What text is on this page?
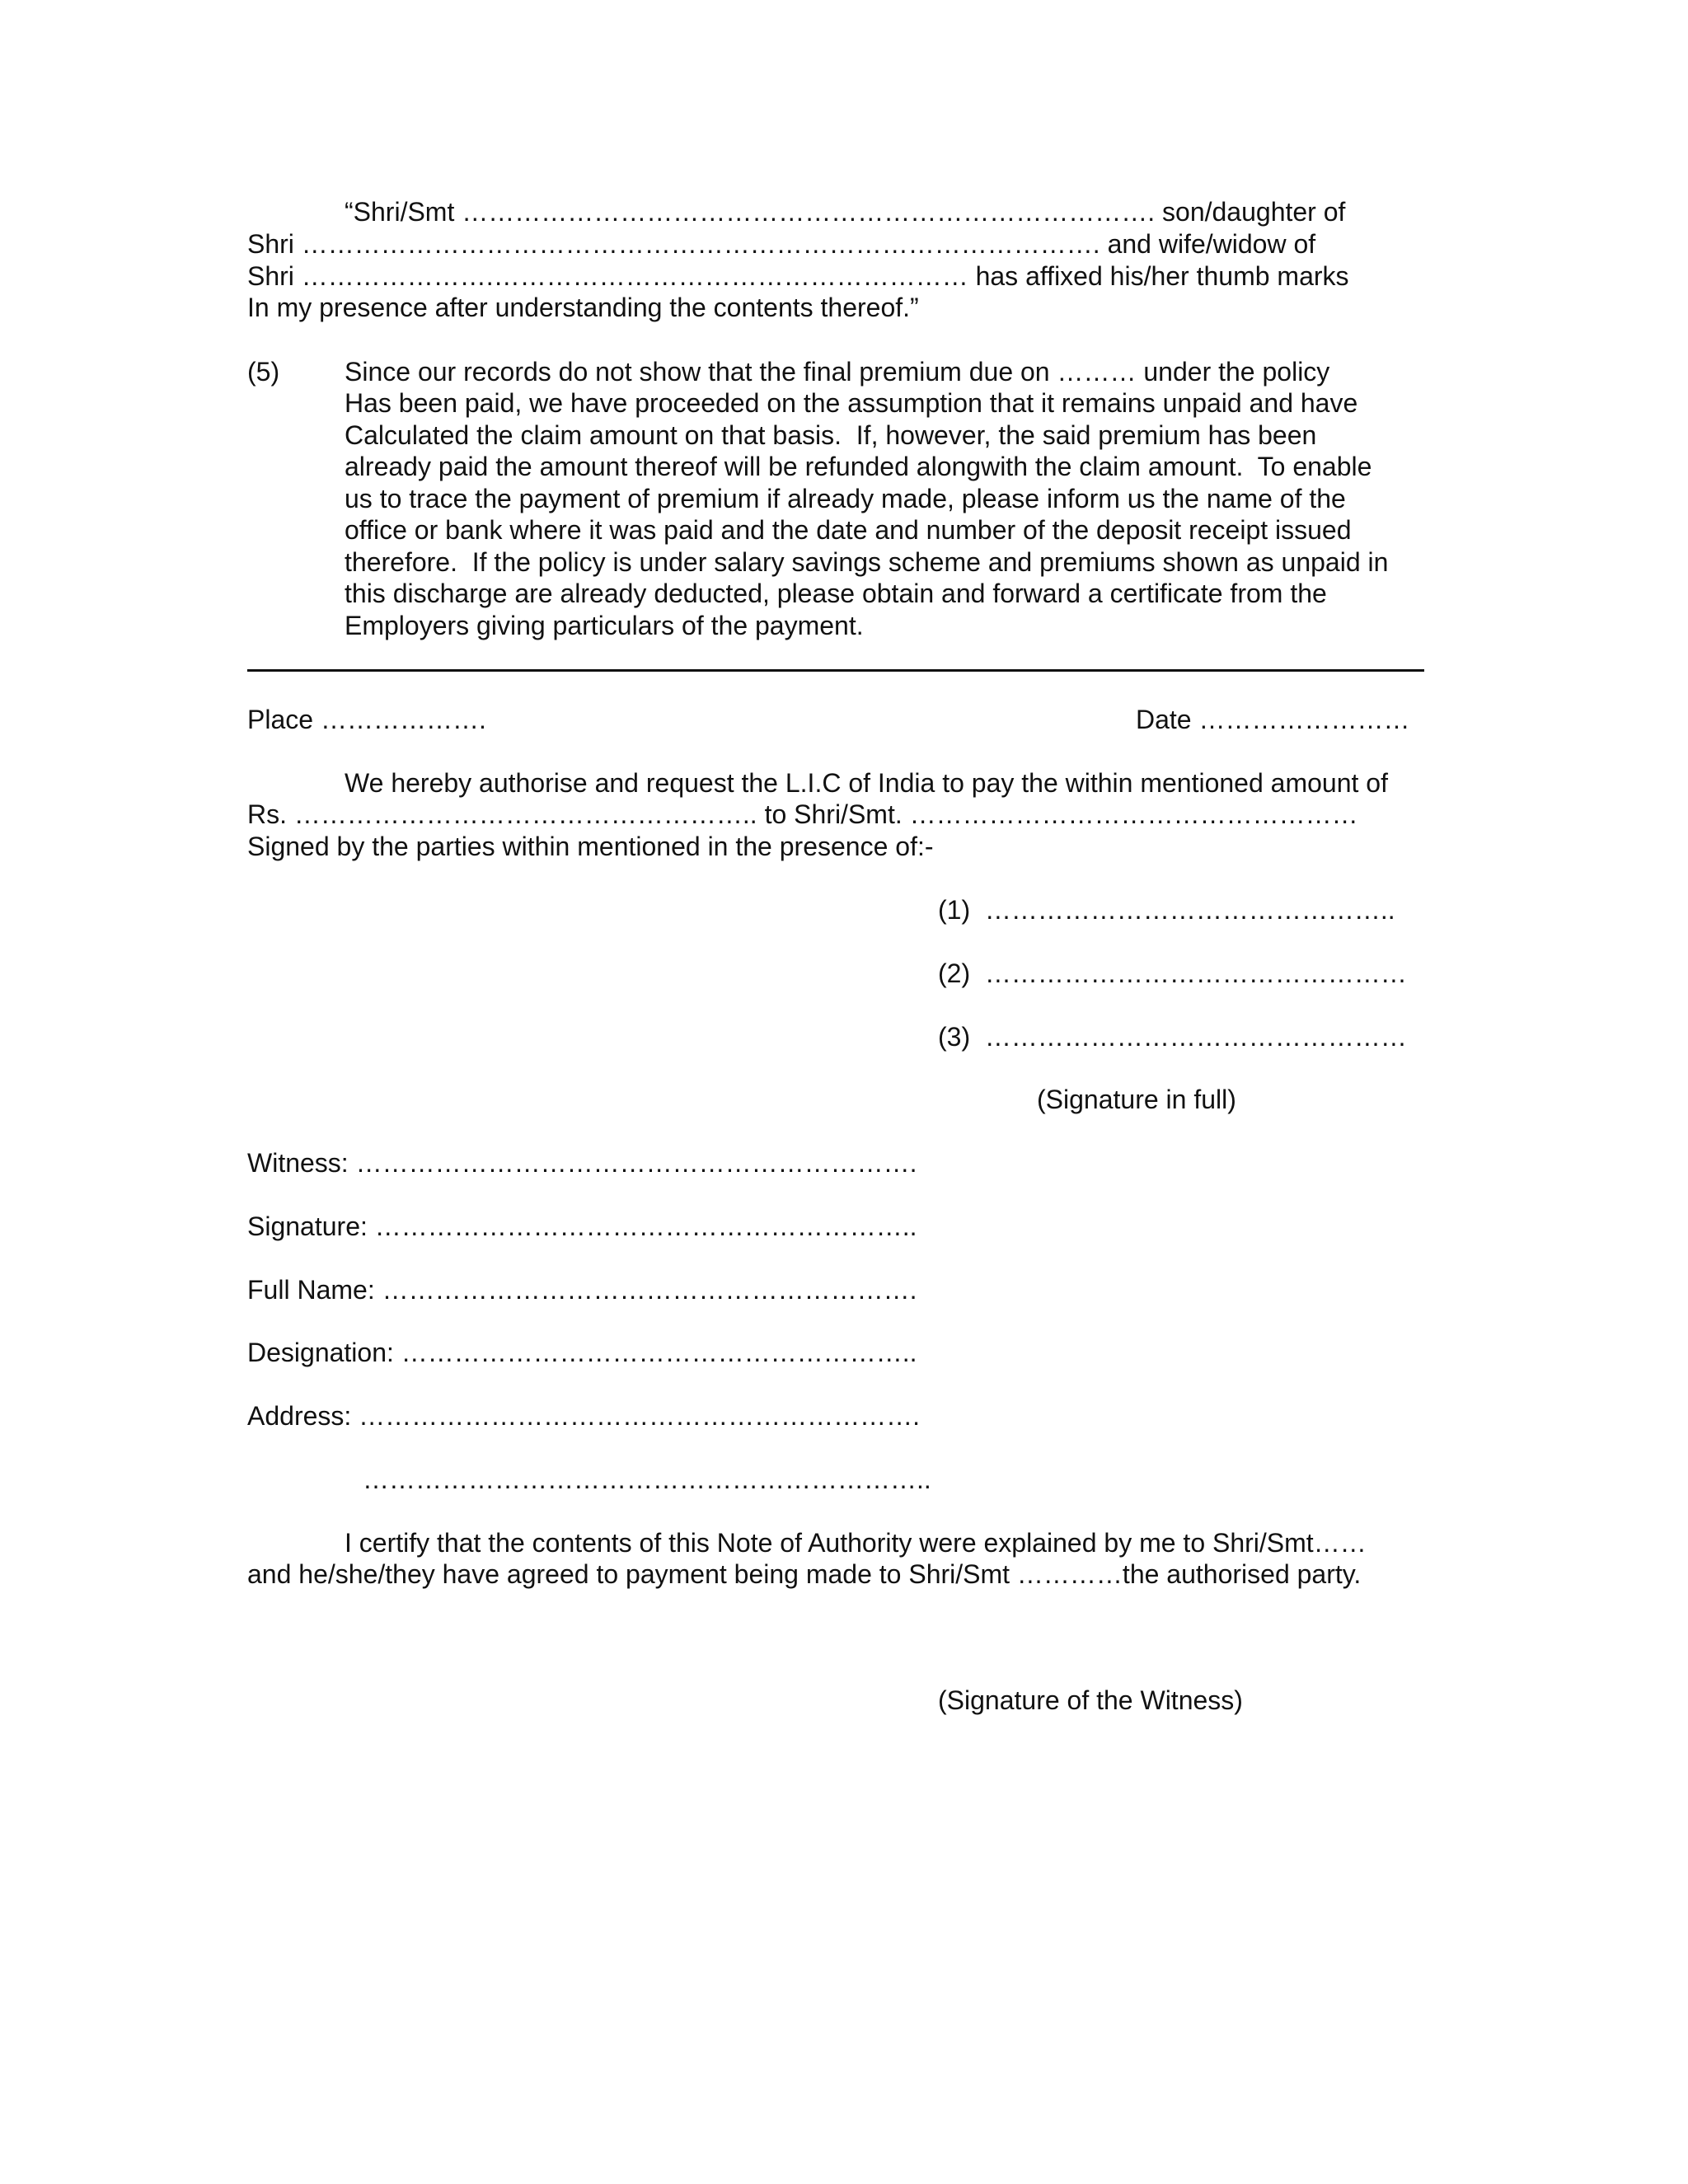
“Shri/Smt ……………………………………………………………………. son/daughter of
Shri ………………………………………………………………………………. and wife/widow of
Shri ………………….……………………………………………… has affixed his/her thumb marks
In my presence after understanding the contents thereof.”
(5) Since our records do not show that the final premium due on ……… under the policy
Has been paid, we have proceeded on the assumption that it remains unpaid and have
Calculated the claim amount on that basis.  If, however, the said premium has been
already paid the amount thereof will be refunded alongwith the claim amount.  To enable
us to trace the payment of premium if already made, please inform us the name of the
office or bank where it was paid and the date and number of the deposit receipt issued
therefore.  If the policy is under salary savings scheme and premiums shown as unpaid in
this discharge are already deducted, please obtain and forward a certificate from the
Employers giving particulars of the payment.
Place ……………….	Date ……………………
We hereby authorise and request the L.I.C of India to pay the within mentioned amount of
Rs. …………………………………………….. to Shri/Smt. ……………………………………………
Signed by the parties within mentioned in the presence of:-
(1)  ………………………………………..
(2)  …………………………………………
(3)  …………………………………………
(Signature in full)
Witness: ……………………………………………………….
Signature: ……………………………………………………..
Full Name: …………………………………………………….
Designation: …………………………………………………..
Address: ……………………………………………………….
………………………………………………………..
I certify that the contents of this Note of Authority were explained by me to Shri/Smt……
and he/she/they have agreed to payment being made to Shri/Smt …………the authorised party.
(Signature of the Witness)
